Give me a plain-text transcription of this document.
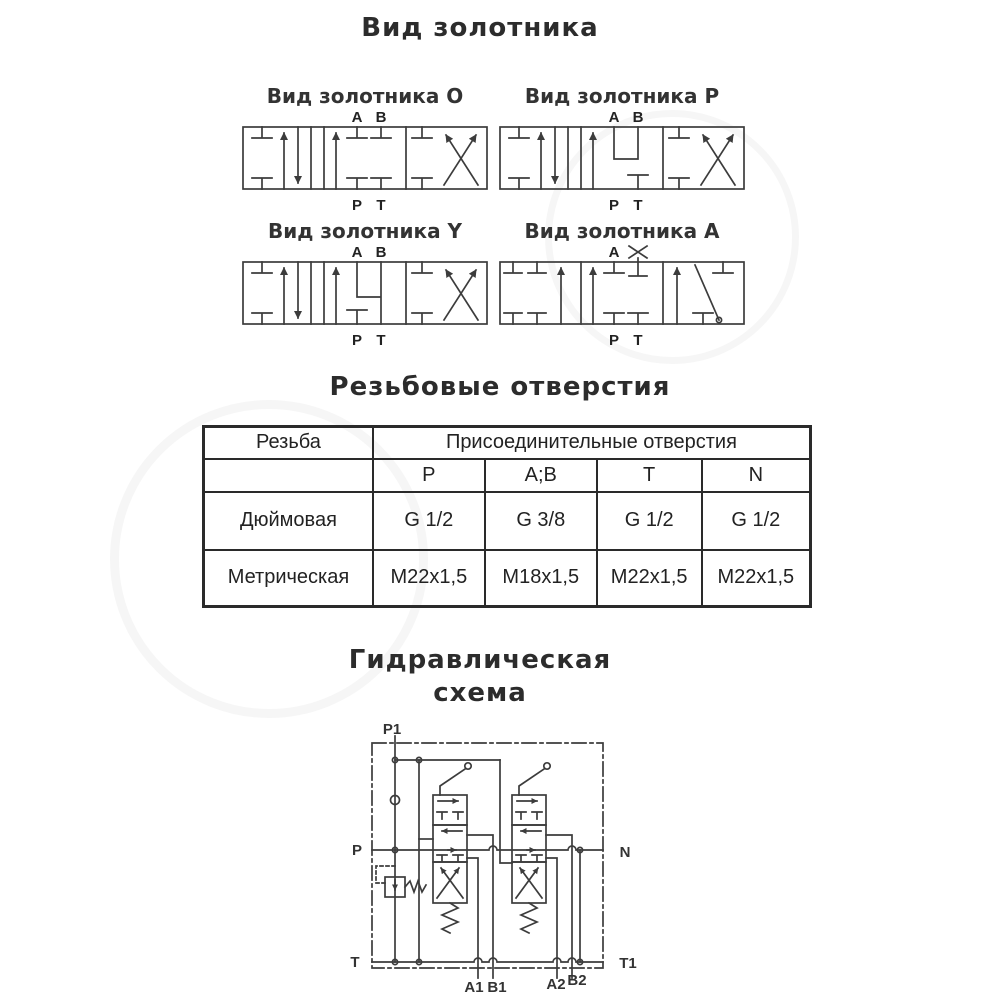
Вид золотника
Вид золотника O
A B
P T
Вид золотника P
A B
P T
Вид золотника Y
A B
P T
Вид золотника A
A
P T
Резьбовые отверстия
Резьба	Присоединительные отверстия			
	P	A;B	T	N
Дюймовая	G 1/2	G 3/8	G 1/2	G 1/2
Метрическая	M22x1,5	M18x1,5	M22x1,5	M22x1,5
Гидравлическая
схема
P1
P	N
T	T1
A1 B1	A2 B2
